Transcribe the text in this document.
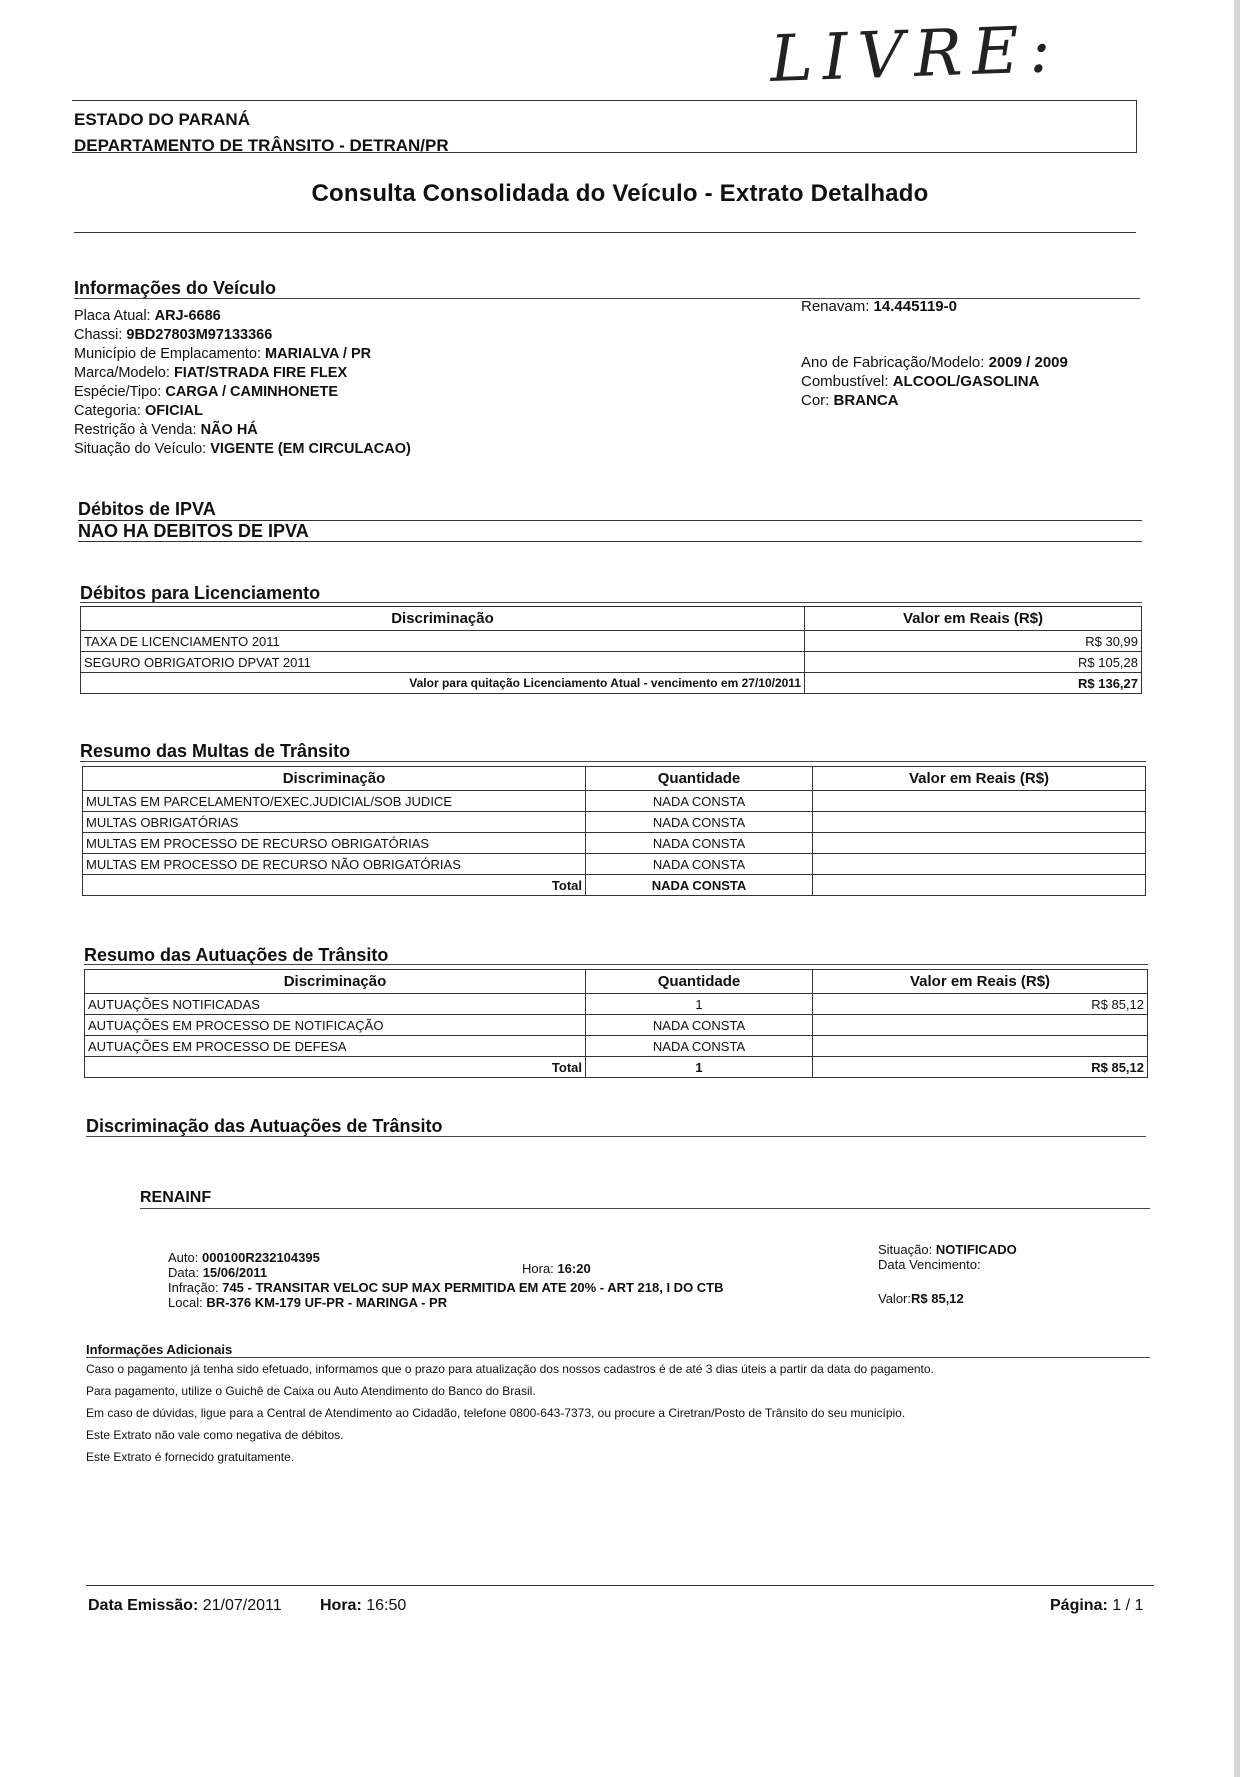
LIVRE:
ESTADO DO PARANÁ
DEPARTAMENTO DE TRÂNSITO - DETRAN/PR
Consulta Consolidada do Veículo - Extrato Detalhado
Informações do Veículo
Placa Atual: ARJ-6686
Chassi: 9BD27803M97133366
Município de Emplacamento: MARIALVA / PR
Marca/Modelo: FIAT/STRADA FIRE FLEX
Espécie/Tipo: CARGA / CAMINHONETE
Categoria: OFICIAL
Restrição à Venda: NÃO HÁ
Situação do Veículo: VIGENTE (EM CIRCULACAO)
Renavam: 14.445119-0
Ano de Fabricação/Modelo: 2009 / 2009
Combustível: ALCOOL/GASOLINA
Cor: BRANCA
Débitos de IPVA
NAO HA DEBITOS DE IPVA
Débitos para Licenciamento
Discriminação	Valor em Reais (R$)
TAXA DE LICENCIAMENTO 2011	R$ 30,99
SEGURO OBRIGATORIO DPVAT 2011	R$ 105,28
Valor para quitação Licenciamento Atual - vencimento em 27/10/2011	R$ 136,27
Resumo das Multas de Trânsito
Discriminação	Quantidade	Valor em Reais (R$)
MULTAS EM PARCELAMENTO/EXEC.JUDICIAL/SOB JUDICE	NADA CONSTA	
MULTAS OBRIGATÓRIAS	NADA CONSTA	
MULTAS EM PROCESSO DE RECURSO OBRIGATÓRIAS	NADA CONSTA	
MULTAS EM PROCESSO DE RECURSO NÃO OBRIGATÓRIAS	NADA CONSTA	
Total	NADA CONSTA	
Resumo das Autuações de Trânsito
Discriminação	Quantidade	Valor em Reais (R$)
AUTUAÇÕES NOTIFICADAS	1	R$ 85,12
AUTUAÇÕES EM PROCESSO DE NOTIFICAÇÃO	NADA CONSTA	
AUTUAÇÕES EM PROCESSO DE DEFESA	NADA CONSTA	
Total	1	R$ 85,12
Discriminação das Autuações de Trânsito
RENAINF
Auto: 000100R232104395
Data: 15/06/2011	Hora: 16:20
Infração: 745 - TRANSITAR VELOC SUP MAX PERMITIDA EM ATE 20% - ART 218, I DO CTB
Local: BR-376 KM-179 UF-PR - MARINGA - PR
Situação: NOTIFICADO
Data Vencimento:
Valor:R$ 85,12
Informações Adicionais
Caso o pagamento já tenha sido efetuado, informamos que o prazo para atualização dos nossos cadastros é de até 3 dias úteis a partir da data do pagamento.
Para pagamento, utilize o Guichê de Caixa ou Auto Atendimento do Banco do Brasil.
Em caso de dúvidas, ligue para a Central de Atendimento ao Cidadão, telefone 0800-643-7373, ou procure a Ciretran/Posto de Trânsito do seu município.
Este Extrato não vale como negativa de débitos.
Este Extrato é fornecido gratuitamente.
Data Emissão: 21/07/2011 Hora: 16:50	Página: 1 / 1
